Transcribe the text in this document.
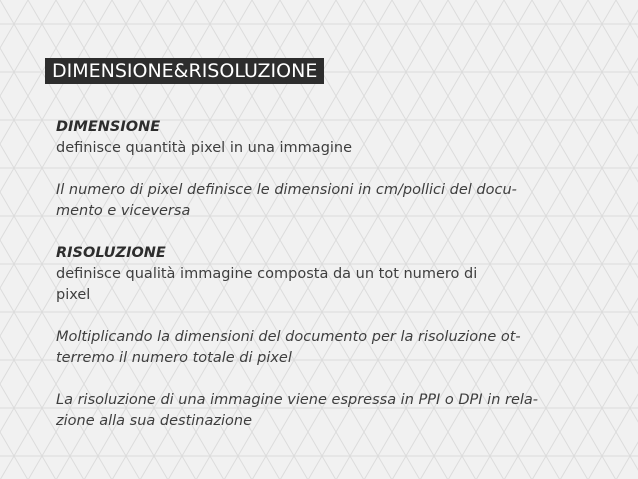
DIMENSIONE&RISOLUZIONE
DIMENSIONE
definisce quantità pixel in una immagine
Il numero di pixel definisce le dimensioni in cm/pollici del docu-
mento e viceversa
RISOLUZIONE
definisce qualità immagine composta da un tot numero di
pixel
Moltiplicando la dimensioni del documento per la risoluzione ot-
terremo il numero totale di pixel
La risoluzione di una immagine viene espressa in PPI o DPI in rela-
zione alla sua destinazione
